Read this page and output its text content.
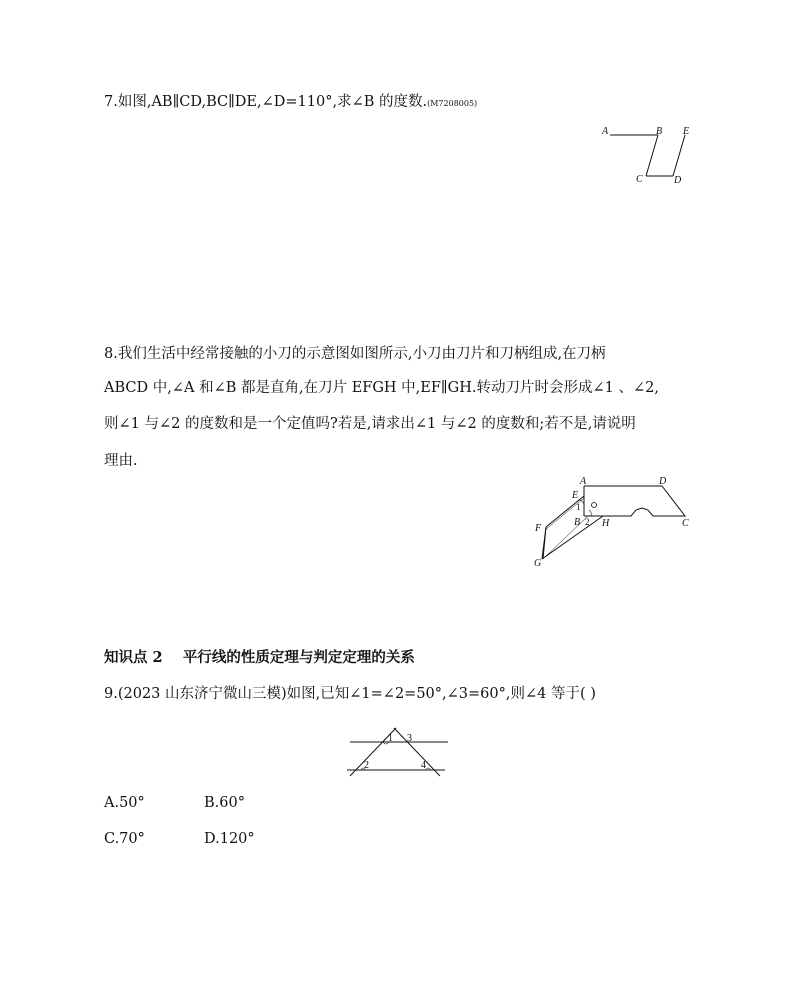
7.如图,AB∥CD,BC∥DE,∠D=110°,求∠B 的度数.(M7208005)
A	B E
C	D
8.我们生活中经常接触的小刀的示意图如图所示,小刀由刀片和刀柄组成,在刀柄
ABCD 中,∠A 和∠B 都是直角,在刀片 EFGH 中,EF∥GH.转动刀片时会形成∠1 、∠2,
则∠1 与∠2 的度数和是一个定值吗?若是,请求出∠1 与∠2 的度数和;若不是,请说明
理由.
A	D
E
1
B 2 H	C
F
G
知识点 2    平行线的性质定理与判定定理的关系
9.(2023 山东济宁微山三模)如图,已知∠1=∠2=50°,∠3=60°,则∠4 等于( )
1 3
2	4
A.50°	B.60°
C.70°	D.120°
